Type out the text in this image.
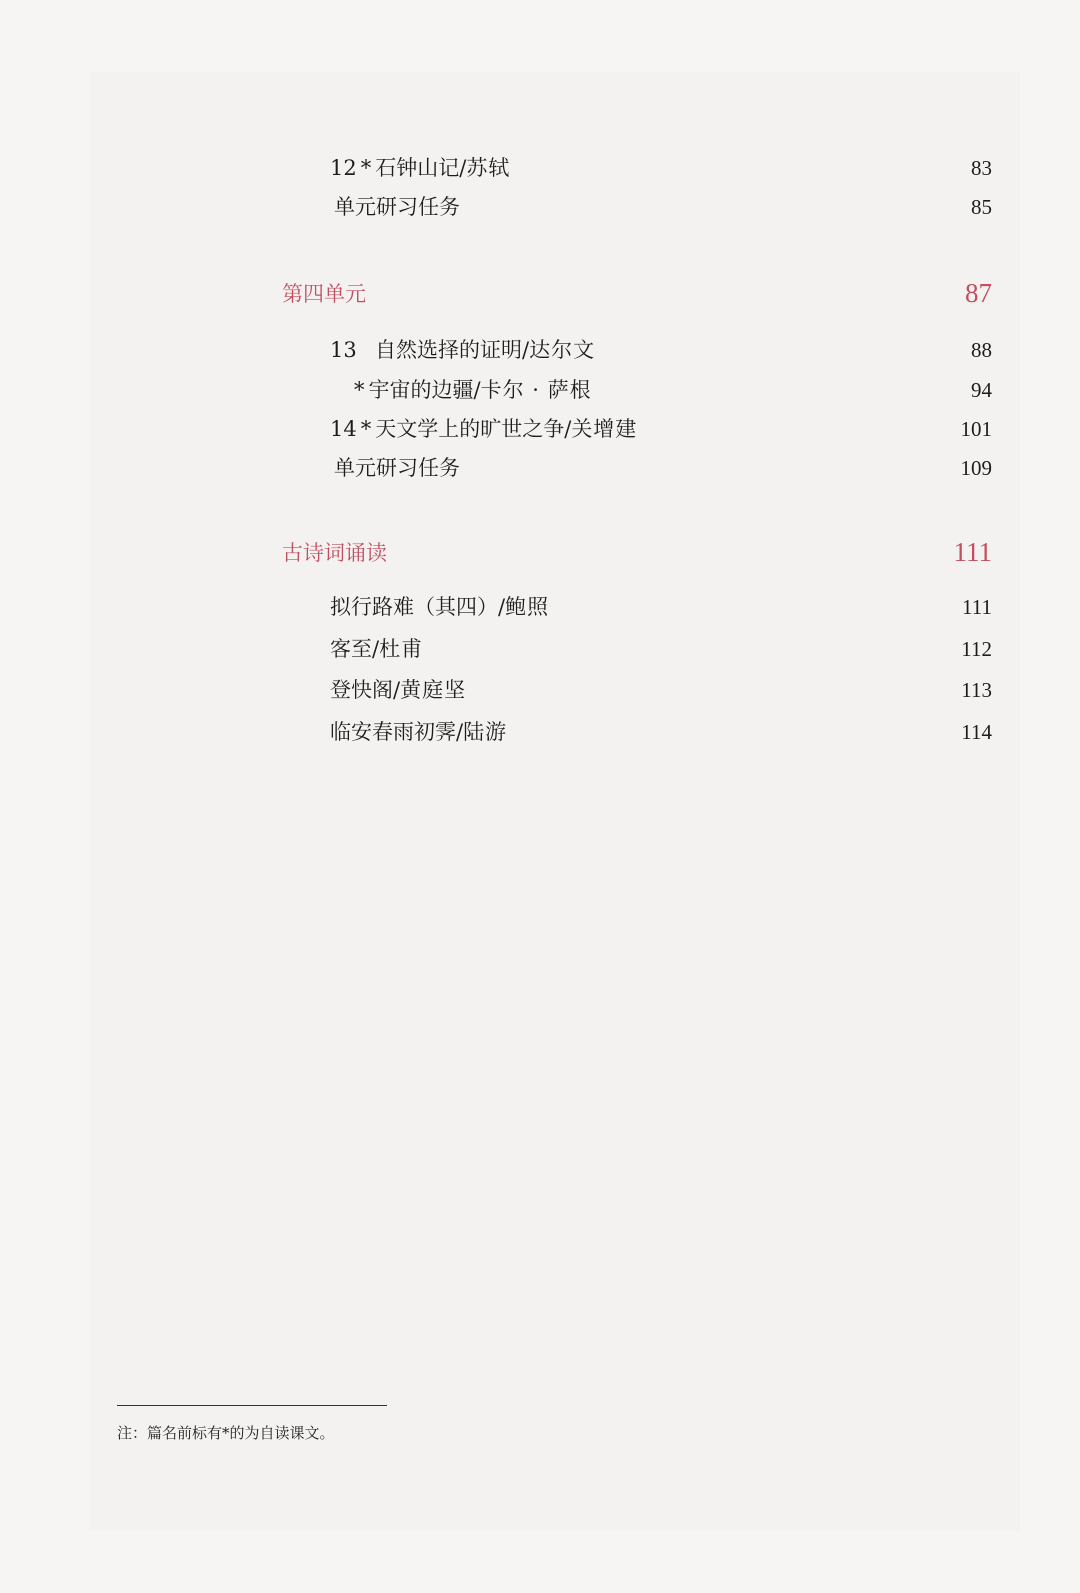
12 * 石钟山记 / 苏轼	83
单元研习任务	85
第四单元	87
13 自然选择的证明 / 达尔文	88
* 宇宙的边疆 / 卡尔 · 萨根	94
14 * 天文学上的旷世之争 / 关增建	101
单元研习任务	109
古诗词诵读	111
拟行路难（其四） / 鲍照	111
客至 / 杜甫	112
登快阁 / 黄庭坚	113
临安春雨初霁 / 陆游	114
注：篇名前标有*的为自读课文。
